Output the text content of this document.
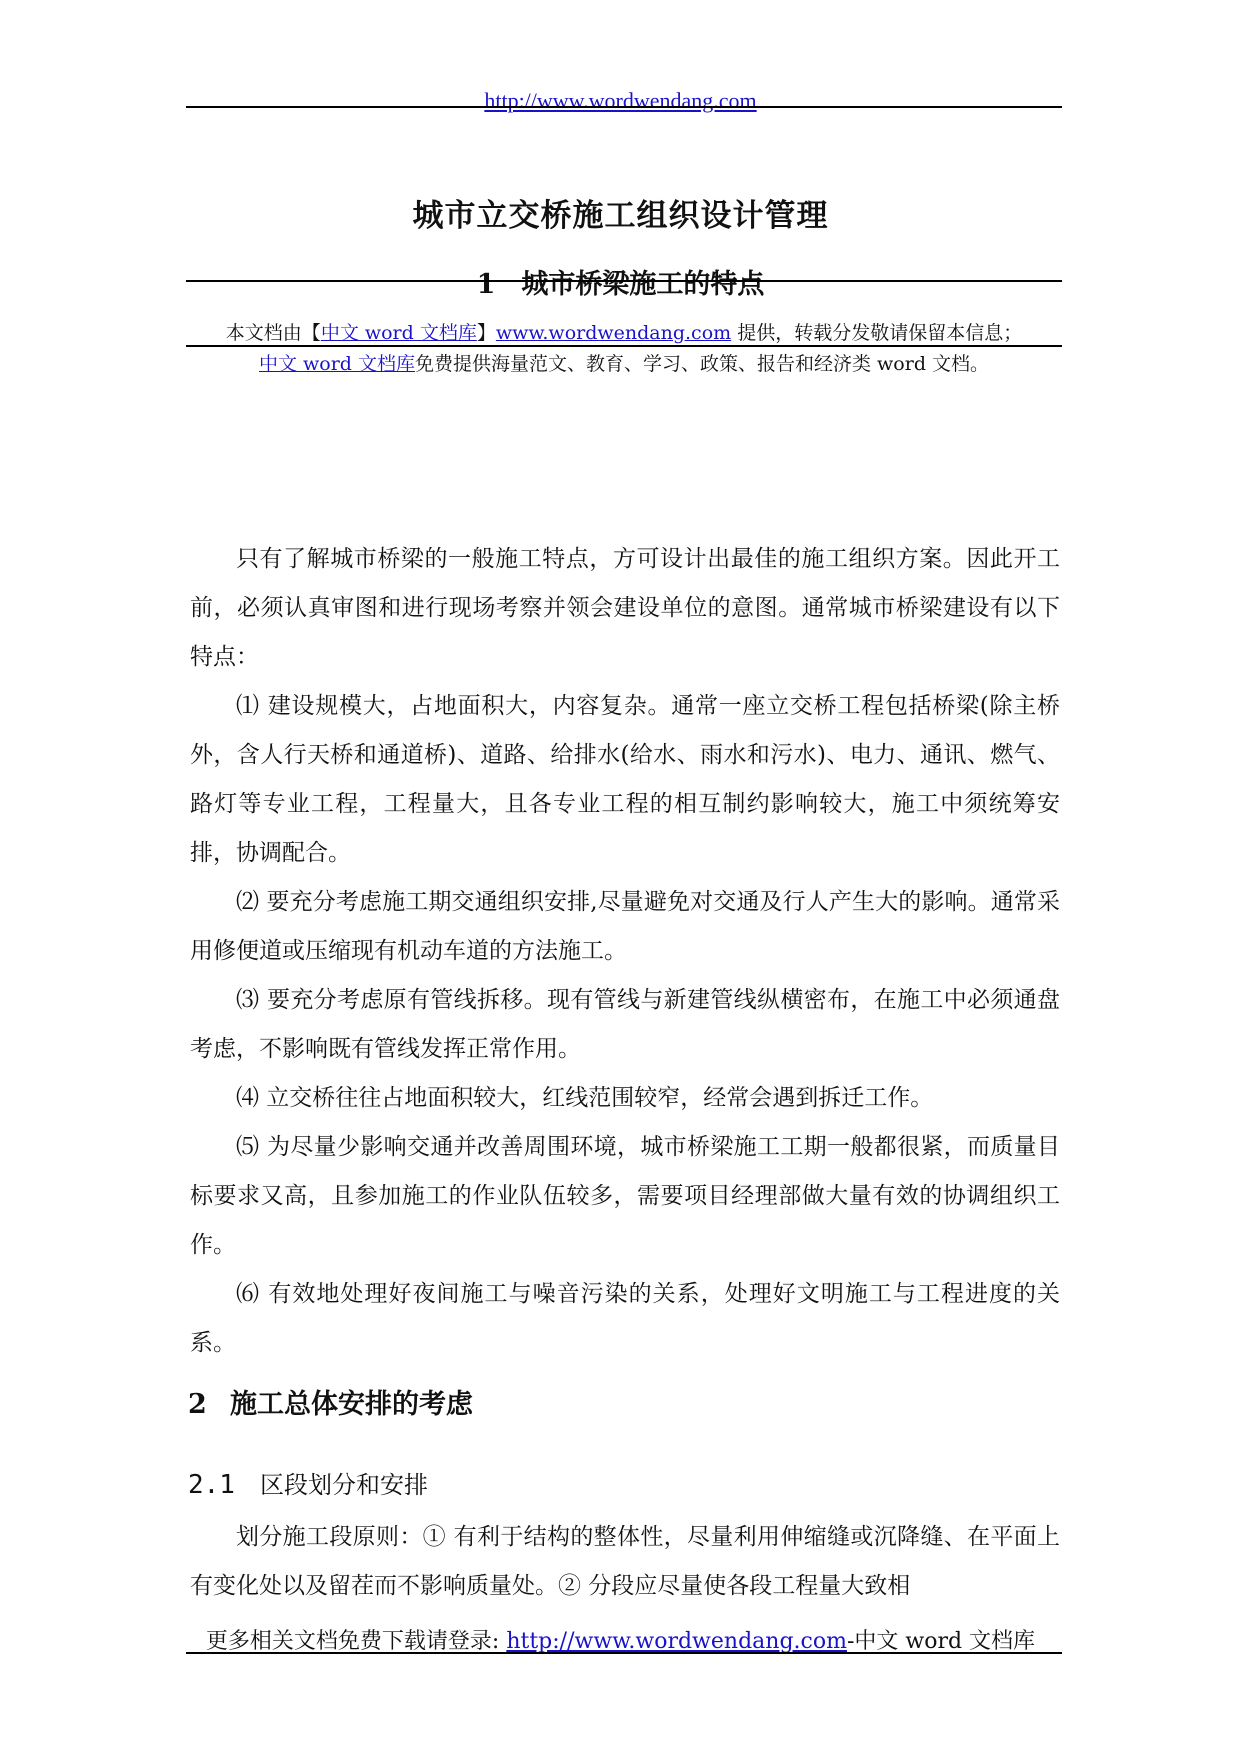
http://www.wordwendang.com
城市立交桥施工组织设计管理
1 城市桥梁施工的特点
本文档由【中文 word 文档库】www.wordwendang.com 提供，转载分发敬请保留本信息；
中文 word 文档库免费提供海量范文、教育、学习、政策、报告和经济类 word 文档。

只有了解城市桥梁的一般施工特点，方可设计出最佳的施工组织方案。因此开工前，必须认真审图和进行现场考察并领会建设单位的意图。通常城市桥梁建设有以下特点：

⑴ 建设规模大，占地面积大，内容复杂。通常一座立交桥工程包括桥梁(除主桥外，含人行天桥和通道桥)、道路、给排水(给水、雨水和污水)、电力、通讯、燃气、路灯等专业工程，工程量大，且各专业工程的相互制约影响较大，施工中须统筹安排，协调配合。

⑵ 要充分考虑施工期交通组织安排,尽量避免对交通及行人产生大的影响。通常采用修便道或压缩现有机动车道的方法施工。

⑶ 要充分考虑原有管线拆移。现有管线与新建管线纵横密布，在施工中必须通盘考虑，不影响既有管线发挥正常作用。

⑷ 立交桥往往占地面积较大，红线范围较窄，经常会遇到拆迁工作。

⑸ 为尽量少影响交通并改善周围环境，城市桥梁施工工期一般都很紧，而质量目标要求又高，且参加施工的作业队伍较多，需要项目经理部做大量有效的协调组织工作。

⑹ 有效地处理好夜间施工与噪音污染的关系，处理好文明施工与工程进度的关系。

2 施工总体安排的考虑
2.1 区段划分和安排

划分施工段原则：① 有利于结构的整体性，尽量利用伸缩缝或沉降缝、在平面上有变化处以及留茬而不影响质量处。② 分段应尽量使各段工程量大致相

更多相关文档免费下载请登录: http://www.wordwendang.com-中文 word 文档库
